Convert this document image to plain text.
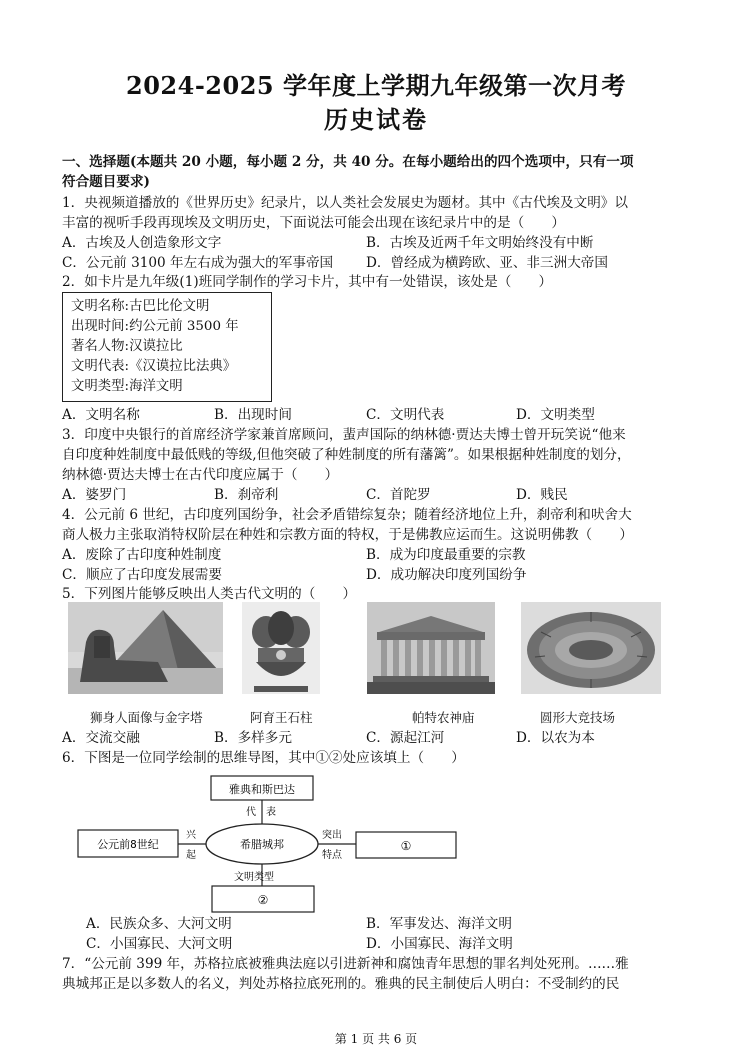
2024-2025 学年度上学期九年级第一次月考
历史试卷
一、选择题(本题共 20 小题，每小题 2 分，共 40 分。在每小题给出的四个选项中，只有一项
符合题目要求)
1．央视频道播放的《世界历史》纪录片，以人类社会发展史为题材。其中《古代埃及文明》以
丰富的视听手段再现埃及文明历史，下面说法可能会出现在该纪录片中的是（　　）
A．古埃及人创造象形文字	B．古埃及近两千年文明始终没有中断
C．公元前 3100 年左右成为强大的军事帝国 D．曾经成为横跨欧、亚、非三洲大帝国
2．如卡片是九年级(1)班同学制作的学习卡片，其中有一处错误，该处是（　　）
文明名称:古巴比伦文明
出现时间:约公元前 3500 年
著名人物:汉谟拉比
文明代表:《汉谟拉比法典》
文明类型:海洋文明
A．文明名称	B．出现时间	C．文明代表	D．文明类型
3．印度中央银行的首席经济学家兼首席顾问，蜚声国际的纳林德·贾达夫博士曾开玩笑说“他来
自印度种姓制度中最低贱的等级,但他突破了种姓制度的所有藩篱”。如果根据种姓制度的划分，
纳林德·贾达夫博士在古代印度应属于（　　）
A．婆罗门	B．刹帝利	C．首陀罗	D．贱民
4．公元前 6 世纪，古印度列国纷争，社会矛盾错综复杂；随着经济地位上升，刹帝利和吠舍大
商人极力主张取消特权阶层在种姓和宗教方面的特权，于是佛教应运而生。这说明佛教（　　）
A．废除了古印度种姓制度	B．成为印度最重要的宗教
C．顺应了古印度发展需要	D．成功解决印度列国纷争
5．下列图片能够反映出人类古代文明的（　　）
狮身人面像与金字塔	阿育王石柱	帕特农神庙	圆形大竞技场
A．交流交融	B．多样多元	C．源起江河	D．以农为本
6．下图是一位同学绘制的思维导图，其中①②处应该填上（　　）
雅典和斯巴达
代 表
希腊城邦
公元前8世纪
兴
起
①
突出
特点
文明类型
②
A．民族众多、大河文明	B．军事发达、海洋文明
C．小国寡民、大河文明	D．小国寡民、海洋文明
7．“公元前 399 年，苏格拉底被雅典法庭以引进新神和腐蚀青年思想的罪名判处死刑。……雅
典城邦正是以多数人的名义，判处苏格拉底死刑的。雅典的民主制使后人明白：不受制约的民
第 1 页 共 6 页
